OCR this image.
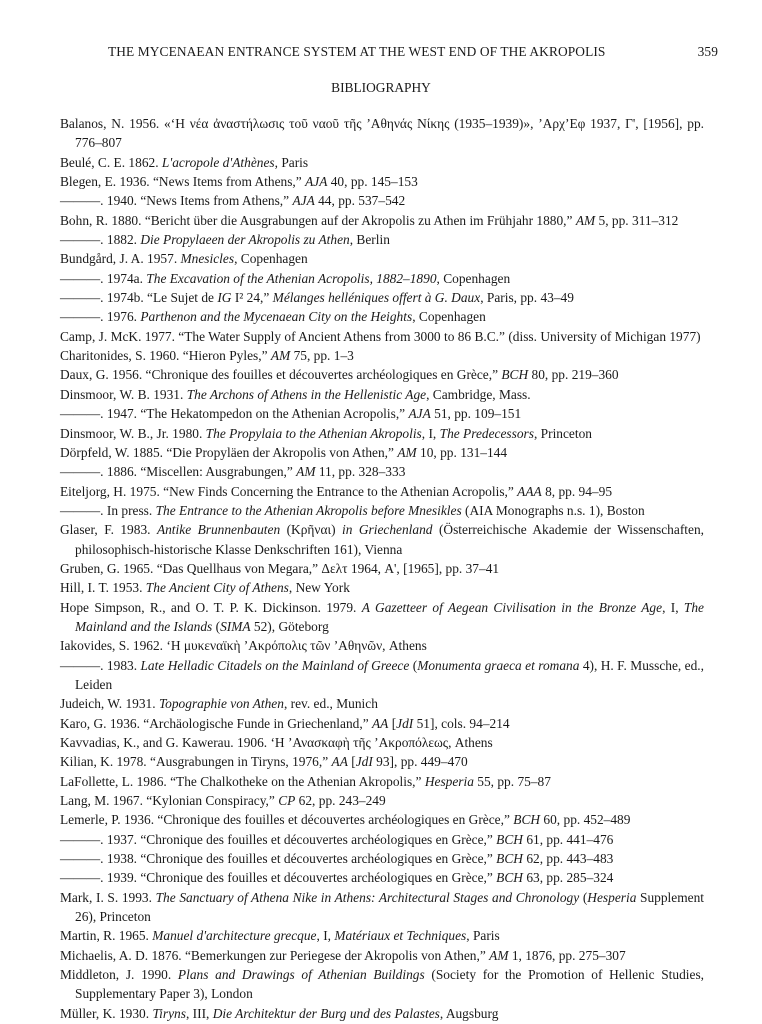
THE MYCENAEAN ENTRANCE SYSTEM AT THE WEST END OF THE AKROPOLIS	359
BIBLIOGRAPHY
Balanos, N. 1956. «‘Η νέα ἀναστήλωσις τοῦ ναοῦ τῆς ’Αθηνάς Νίκης (1935–1939)», ’Αρχ’Εφ 1937, Γ', [1956], pp. 776–807
Beulé, C. E. 1862. L'acropole d'Athènes, Paris
Blegen, E. 1936. “News Items from Athens,” AJA 40, pp. 145–153
———. 1940. “News Items from Athens,” AJA 44, pp. 537–542
Bohn, R. 1880. “Bericht über die Ausgrabungen auf der Akropolis zu Athen im Frühjahr 1880,” AM 5, pp. 311–312
———. 1882. Die Propylaeen der Akropolis zu Athen, Berlin
Bundgård, J. A. 1957. Mnesicles, Copenhagen
———. 1974a. The Excavation of the Athenian Acropolis, 1882–1890, Copenhagen
———. 1974b. “Le Sujet de IG I² 24,” Mélanges helléniques offert à G. Daux, Paris, pp. 43–49
———. 1976. Parthenon and the Mycenaean City on the Heights, Copenhagen
Camp, J. McK. 1977. “The Water Supply of Ancient Athens from 3000 to 86 B.C.” (diss. University of Michigan 1977)
Charitonides, S. 1960. “Hieron Pyles,” AM 75, pp. 1–3
Daux, G. 1956. “Chronique des fouilles et découvertes archéologiques en Grèce,” BCH 80, pp. 219–360
Dinsmoor, W. B. 1931. The Archons of Athens in the Hellenistic Age, Cambridge, Mass.
———. 1947. “The Hekatompedon on the Athenian Acropolis,” AJA 51, pp. 109–151
Dinsmoor, W. B., Jr. 1980. The Propylaia to the Athenian Akropolis, I, The Predecessors, Princeton
Dörpfeld, W. 1885. “Die Propyläen der Akropolis von Athen,” AM 10, pp. 131–144
———. 1886. “Miscellen: Ausgrabungen,” AM 11, pp. 328–333
Eiteljorg, H. 1975. “New Finds Concerning the Entrance to the Athenian Acropolis,” AAA 8, pp. 94–95
———. In press. The Entrance to the Athenian Akropolis before Mnesikles (AIA Monographs n.s. 1), Boston
Glaser, F. 1983. Antike Brunnenbauten (Κρῆναι) in Griechenland (Österreichische Akademie der Wissenschaften, philosophisch-historische Klasse Denkschriften 161), Vienna
Gruben, G. 1965. “Das Quellhaus von Megara,” Δελτ 1964, A', [1965], pp. 37–41
Hill, I. T. 1953. The Ancient City of Athens, New York
Hope Simpson, R., and O. T. P. K. Dickinson. 1979. A Gazetteer of Aegean Civilisation in the Bronze Age, I, The Mainland and the Islands (SIMA 52), Göteborg
Iakovides, S. 1962. ‘Η μυκεναϊκὴ ’Ακρόπολις τῶν ’Αθηνῶν, Athens
———. 1983. Late Helladic Citadels on the Mainland of Greece (Monumenta graeca et romana 4), H. F. Mussche, ed., Leiden
Judeich, W. 1931. Topographie von Athen, rev. ed., Munich
Karo, G. 1936. “Archäologische Funde in Griechenland,” AA [JdI 51], cols. 94–214
Kavvadias, K., and G. Kawerau. 1906. ‘Η ’Ανασκαφὴ τῆς ’Ακροπόλεως, Athens
Kilian, K. 1978. “Ausgrabungen in Tiryns, 1976,” AA [JdI 93], pp. 449–470
LaFollette, L. 1986. “The Chalkotheke on the Athenian Akropolis,” Hesperia 55, pp. 75–87
Lang, M. 1967. “Kylonian Conspiracy,” CP 62, pp. 243–249
Lemerle, P. 1936. “Chronique des fouilles et découvertes archéologiques en Grèce,” BCH 60, pp. 452–489
———. 1937. “Chronique des fouilles et découvertes archéologiques en Grèce,” BCH 61, pp. 441–476
———. 1938. “Chronique des fouilles et découvertes archéologiques en Grèce,” BCH 62, pp. 443–483
———. 1939. “Chronique des fouilles et découvertes archéologiques en Grèce,” BCH 63, pp. 285–324
Mark, I. S. 1993. The Sanctuary of Athena Nike in Athens: Architectural Stages and Chronology (Hesperia Supplement 26), Princeton
Martin, R. 1965. Manuel d'architecture grecque, I, Matériaux et Techniques, Paris
Michaelis, A. D. 1876. “Bemerkungen zur Periegese der Akropolis von Athen,” AM 1, 1876, pp. 275–307
Middleton, J. 1990. Plans and Drawings of Athenian Buildings (Society for the Promotion of Hellenic Studies, Supplementary Paper 3), London
Müller, K. 1930. Tiryns, III, Die Architektur der Burg und des Palastes, Augsburg
